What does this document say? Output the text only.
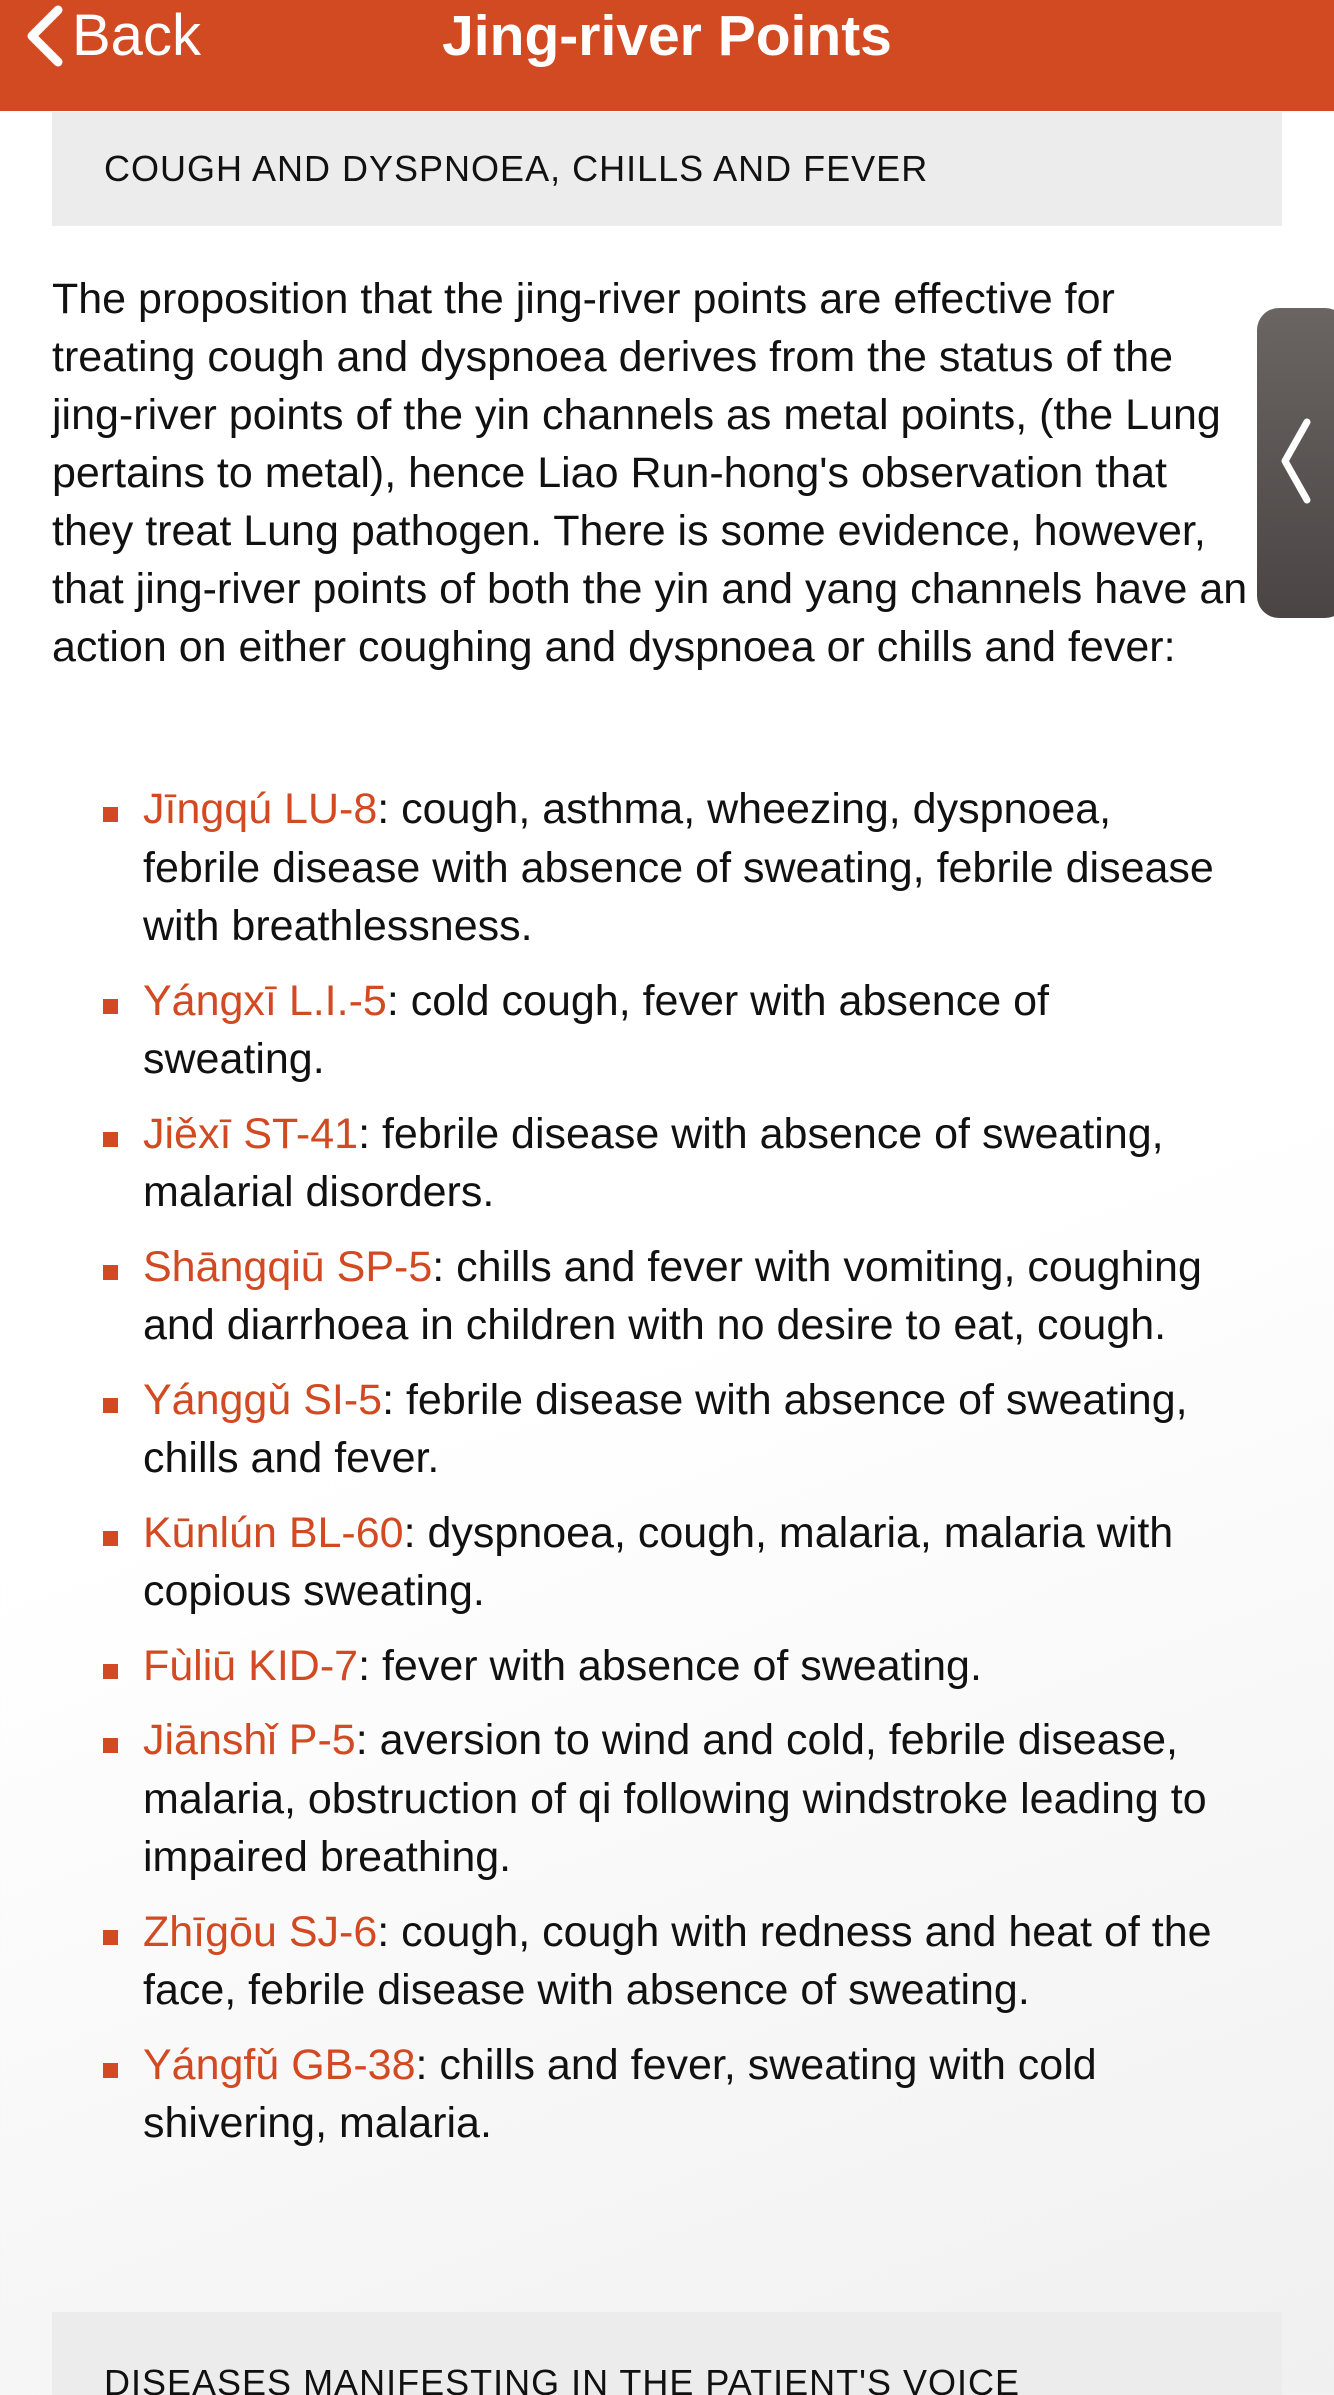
Back	Jing-river Points
COUGH AND DYSPNOEA, CHILLS AND FEVER

The proposition that the jing-river points are effective for treating cough and dyspnoea derives from the status of the jing-river points of the yin channels as metal points, (the Lung pertains to metal), hence Liao Run-hong's observation that they treat Lung pathogen. There is some evidence, however, that jing-river points of both the yin and yang channels have an action on either coughing and dyspnoea or chills and fever:

Jīngqú LU-8: cough, asthma, wheezing, dyspnoea, febrile disease with absence of sweating, febrile disease with breathlessness.
Yángxī L.I.-5: cold cough, fever with absence of sweating.
Jiěxī ST-41: febrile disease with absence of sweating, malarial disorders.
Shāngqiū SP-5: chills and fever with vomiting, coughing and diarrhoea in children with no desire to eat, cough.
Yánggǔ SI-5: febrile disease with absence of sweating, chills and fever.
Kūnlún BL-60: dyspnoea, cough, malaria, malaria with copious sweating.
Fùliū KID-7: fever with absence of sweating.
Jiānshǐ P-5: aversion to wind and cold, febrile disease, malaria, obstruction of qi following windstroke leading to impaired breathing.
Zhīgōu SJ-6: cough, cough with redness and heat of the face, febrile disease with absence of sweating.
Yángfǔ GB-38: chills and fever, sweating with cold shivering, malaria.
DISEASES MANIFESTING IN THE PATIENT'S VOICE
